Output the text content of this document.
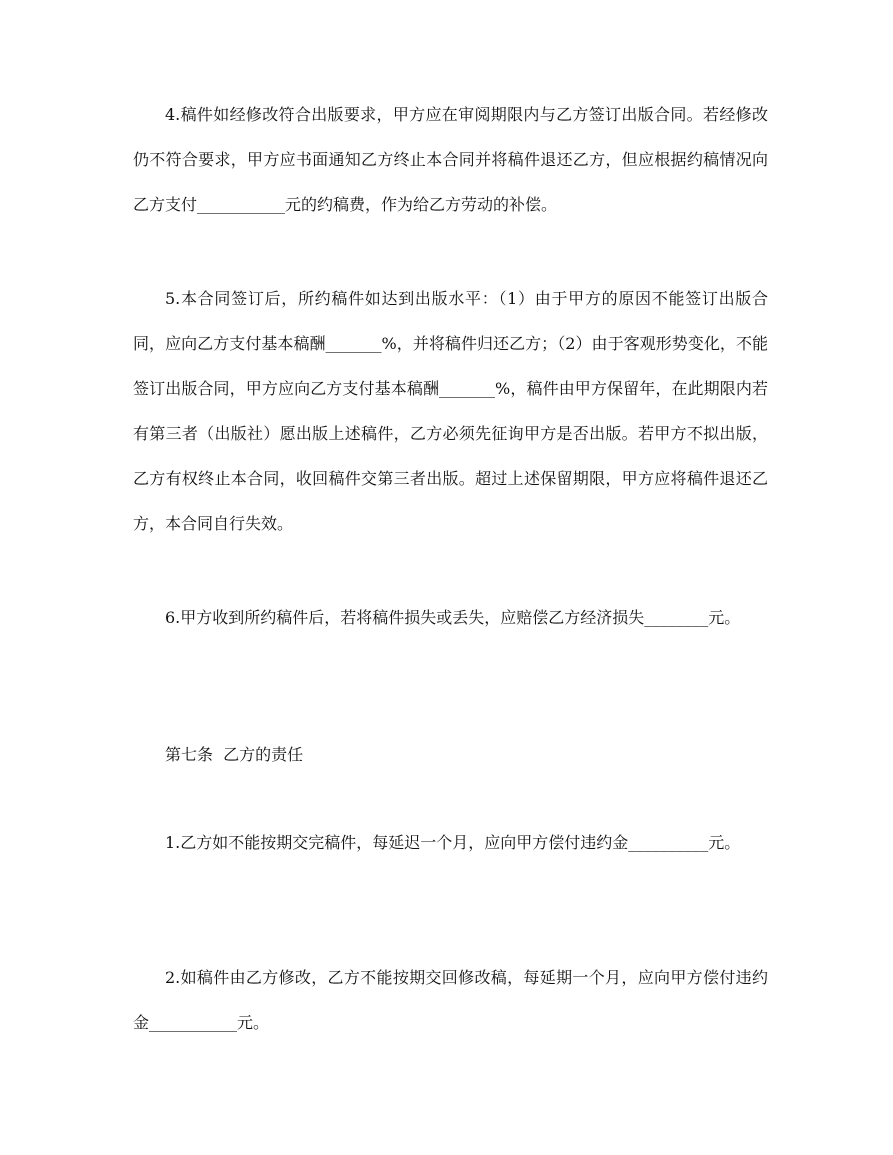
4.稿件如经修改符合出版要求，甲方应在审阅期限内与乙方签订出版合同。若经修改仍不符合要求，甲方应书面通知乙方终止本合同并将稿件退还乙方，但应根据约稿情况向乙方支付___________元的约稿费，作为给乙方劳动的补偿。

5.本合同签订后，所约稿件如达到出版水平：（1）由于甲方的原因不能签订出版合同，应向乙方支付基本稿酬_______%，并将稿件归还乙方；（2）由于客观形势变化，不能签订出版合同，甲方应向乙方支付基本稿酬_______%，稿件由甲方保留年，在此期限内若有第三者（出版社）愿出版上述稿件，乙方必须先征询甲方是否出版。若甲方不拟出版，乙方有权终止本合同，收回稿件交第三者出版。超过上述保留期限，甲方应将稿件退还乙方，本合同自行失效。

6.甲方收到所约稿件后，若将稿件损失或丢失，应赔偿乙方经济损失________元。

第七条  乙方的责任

1.乙方如不能按期交完稿件，每延迟一个月，应向甲方偿付违约金__________元。

2.如稿件由乙方修改，乙方不能按期交回修改稿，每延期一个月，应向甲方偿付违约金___________元。
